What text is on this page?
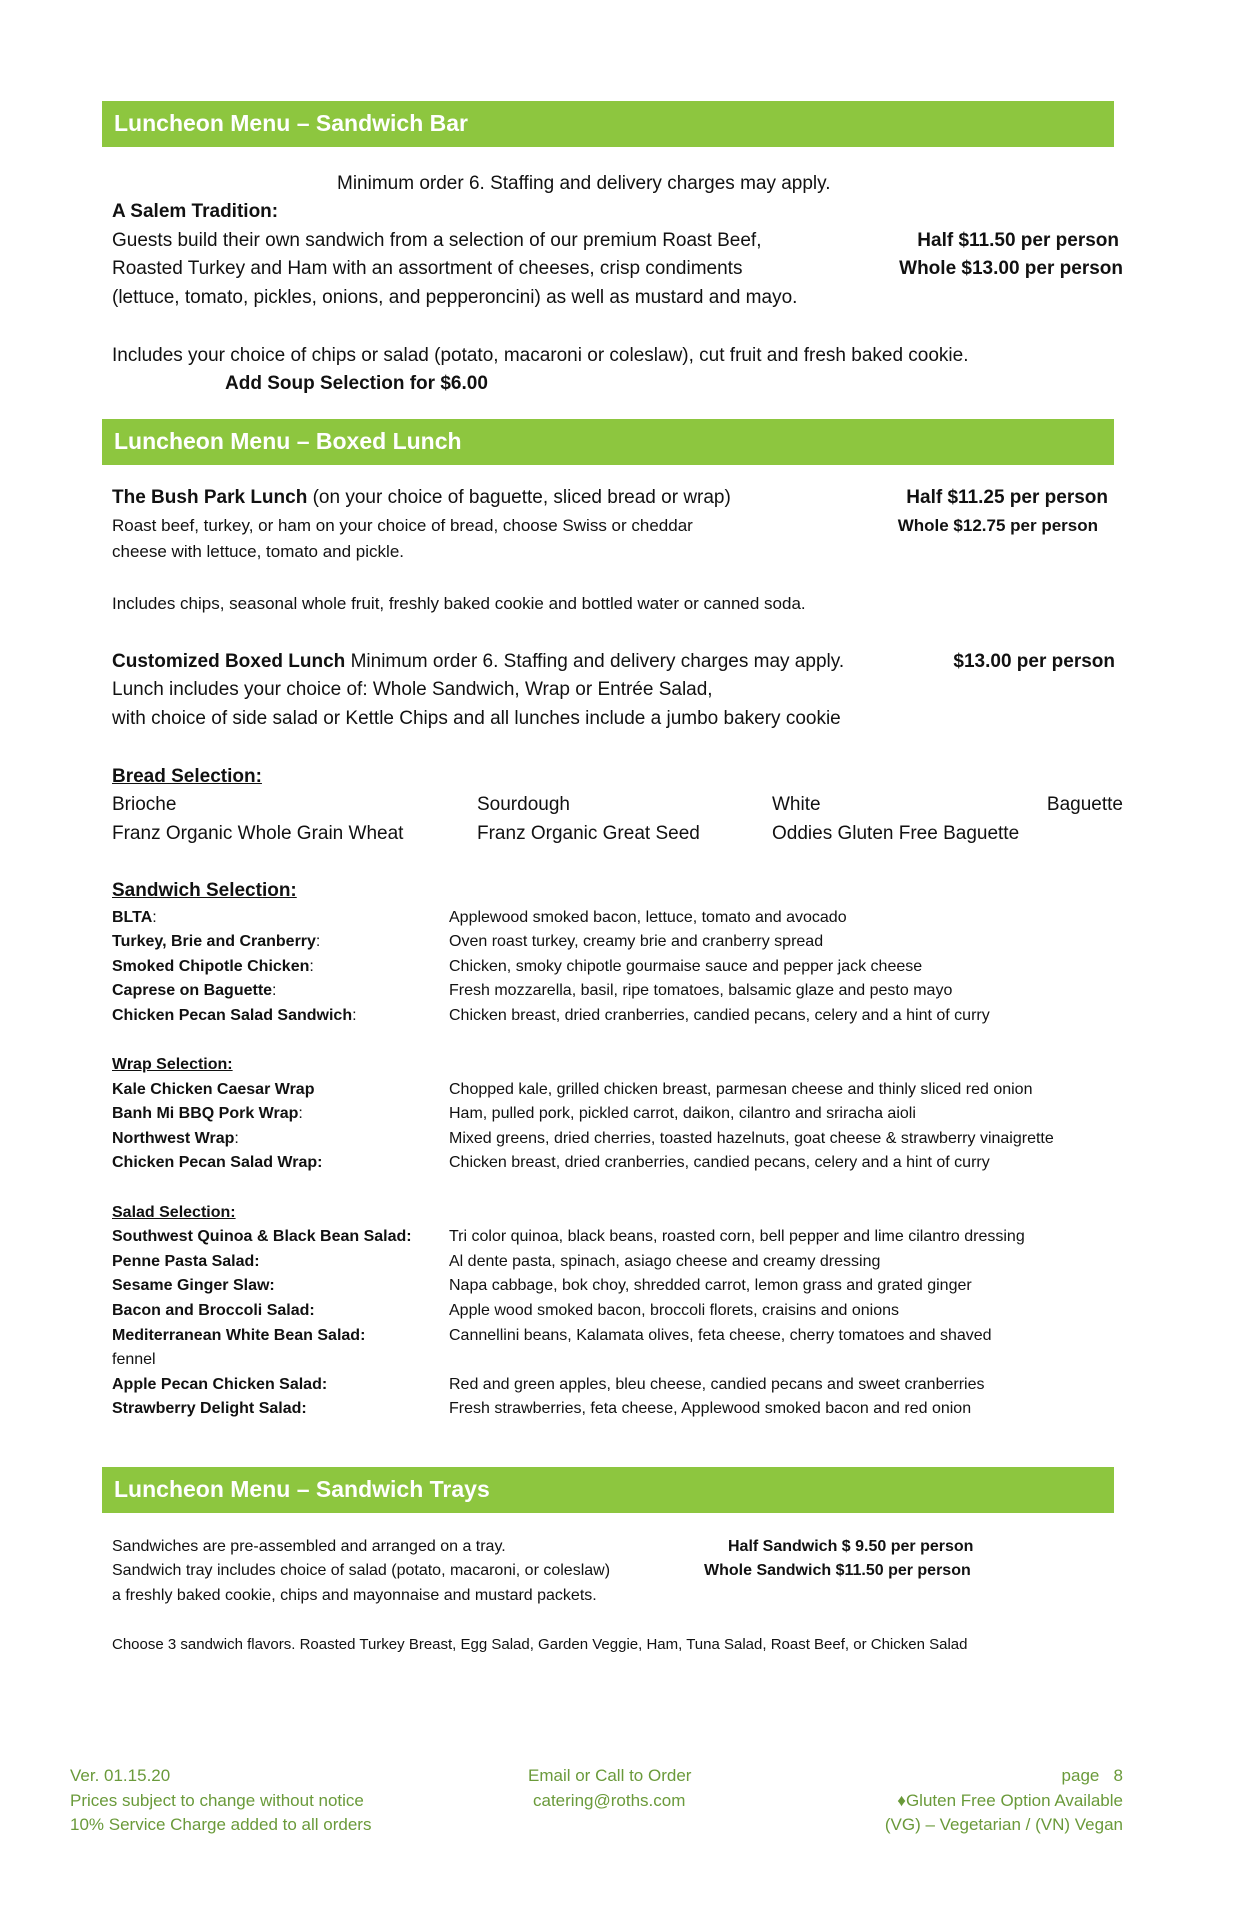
Luncheon Menu – Sandwich Bar
Minimum order 6. Staffing and delivery charges may apply.
A Salem Tradition:
Guests build their own sandwich from a selection of our premium Roast Beef,
Roasted Turkey and Ham with an assortment of cheeses, crisp condiments
(lettuce, tomato, pickles, onions, and pepperoncini) as well as mustard and mayo.
Half $11.50 per person
Whole $13.00 per person
Includes your choice of chips or salad (potato, macaroni or coleslaw), cut fruit and fresh baked cookie.
Add Soup Selection for $6.00
Luncheon Menu – Boxed Lunch
The Bush Park Lunch (on your choice of baguette, sliced bread or wrap)	Half $11.25 per person
Roast beef, turkey, or ham on your choice of bread, choose Swiss or cheddar	Whole $12.75 per person
cheese with lettuce, tomato and pickle.
Includes chips, seasonal whole fruit, freshly baked cookie and bottled water or canned soda.
Customized Boxed Lunch Minimum order 6. Staffing and delivery charges may apply.	$13.00 per person
Lunch includes your choice of: Whole Sandwich, Wrap or Entrée Salad,
with choice of side salad or Kettle Chips and all lunches include a jumbo bakery cookie
Bread Selection:
Brioche	Sourdough	White	Baguette
Franz Organic Whole Grain Wheat	Franz Organic Great Seed	Oddies Gluten Free Baguette
Sandwich Selection:
BLTA:	Applewood smoked bacon, lettuce, tomato and avocado
Turkey, Brie and Cranberry:	Oven roast turkey, creamy brie and cranberry spread
Smoked Chipotle Chicken:	Chicken, smoky chipotle gourmaise sauce and pepper jack cheese
Caprese on Baguette:	Fresh mozzarella, basil, ripe tomatoes, balsamic glaze and pesto mayo
Chicken Pecan Salad Sandwich:	Chicken breast, dried cranberries, candied pecans, celery and a hint of curry
Wrap Selection:
Kale Chicken Caesar Wrap	Chopped kale, grilled chicken breast, parmesan cheese and thinly sliced red onion
Banh Mi BBQ Pork Wrap:	Ham, pulled pork, pickled carrot, daikon, cilantro and sriracha aioli
Northwest Wrap:	Mixed greens, dried cherries, toasted hazelnuts, goat cheese & strawberry vinaigrette
Chicken Pecan Salad Wrap:	Chicken breast, dried cranberries, candied pecans, celery and a hint of curry
Salad Selection:
Southwest Quinoa & Black Bean Salad: Tri color quinoa, black beans, roasted corn, bell pepper and lime cilantro dressing
Penne Pasta Salad:	Al dente pasta, spinach, asiago cheese and creamy dressing
Sesame Ginger Slaw:	Napa cabbage, bok choy, shredded carrot, lemon grass and grated ginger
Bacon and Broccoli Salad:	Apple wood smoked bacon, broccoli florets, craisins and onions
Mediterranean White Bean Salad:	Cannellini beans, Kalamata olives, feta cheese, cherry tomatoes and shaved
fennel
Apple Pecan Chicken Salad:	Red and green apples, bleu cheese, candied pecans and sweet cranberries
Strawberry Delight Salad:	Fresh strawberries, feta cheese, Applewood smoked bacon and red onion
Luncheon Menu – Sandwich Trays
Sandwiches are pre-assembled and arranged on a tray.	Half Sandwich $ 9.50 per person
Sandwich tray includes choice of salad (potato, macaroni, or coleslaw)	Whole Sandwich $11.50 per person
a freshly baked cookie, chips and mayonnaise and mustard packets.
Choose 3 sandwich flavors. Roasted Turkey Breast, Egg Salad, Garden Veggie, Ham, Tuna Salad, Roast Beef, or Chicken Salad
Ver. 01.15.20
Prices subject to change without notice
10% Service Charge added to all orders
Email or Call to Order
catering@roths.com
page 8
♦Gluten Free Option Available
(VG) – Vegetarian / (VN) Vegan
